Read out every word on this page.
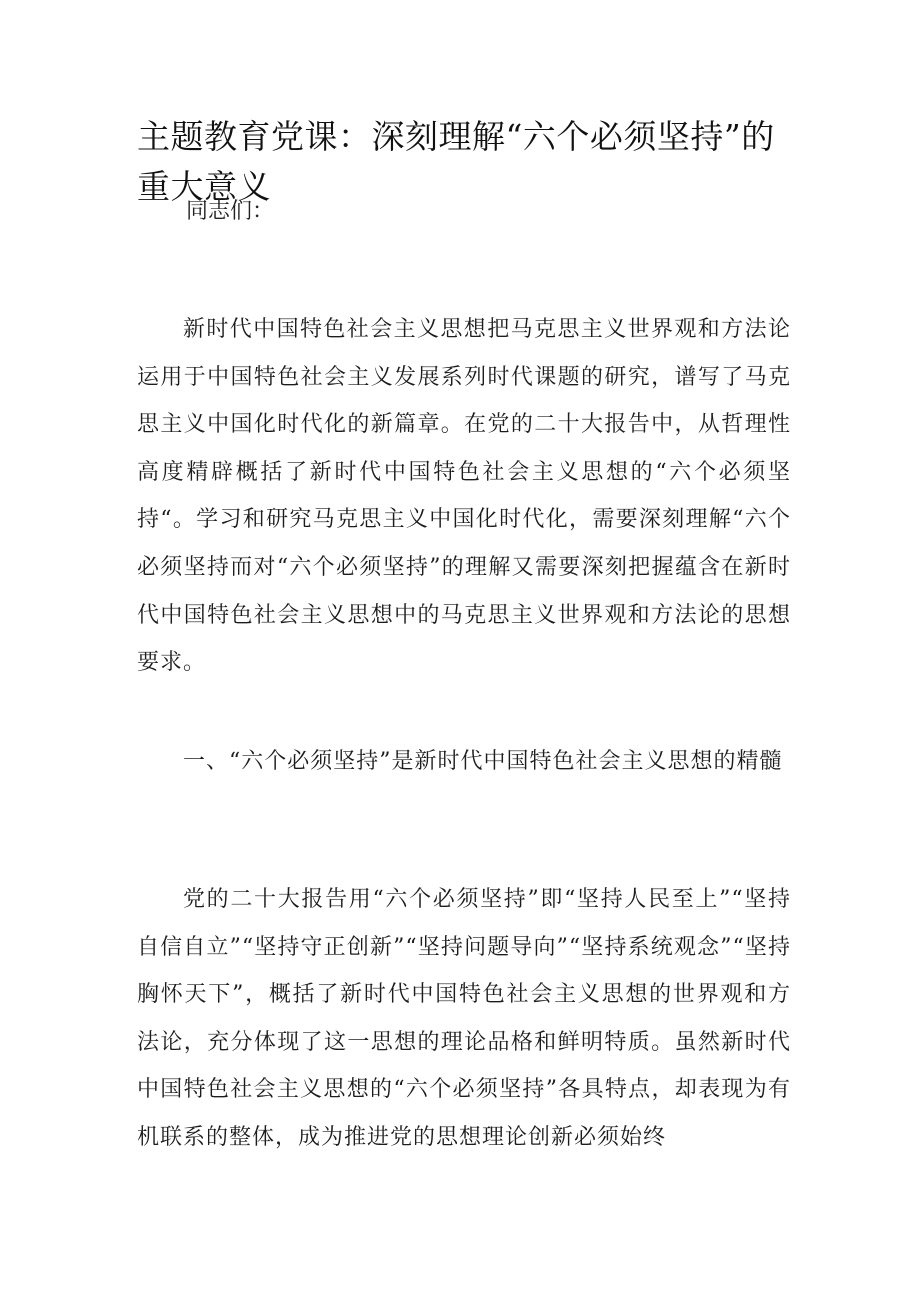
主题教育党课：深刻理解“六个必须坚持”的重大意义

同志们：

新时代中国特色社会主义思想把马克思主义世界观和方法论运用于中国特色社会主义发展系列时代课题的研究，谱写了马克思主义中国化时代化的新篇章。在党的二十大报告中，从哲理性高度精辟概括了新时代中国特色社会主义思想的“六个必须坚持“。学习和研究马克思主义中国化时代化，需要深刻理解“六个必须坚持而对“六个必须坚持”的理解又需要深刻把握蕴含在新时代中国特色社会主义思想中的马克思主义世界观和方法论的思想要求。

一、“六个必须坚持”是新时代中国特色社会主义思想的精髓

党的二十大报告用“六个必须坚持”即“坚持人民至上”“坚持自信自立”“坚持守正创新”“坚持问题导向”“坚持系统观念”“坚持胸怀天下”，概括了新时代中国特色社会主义思想的世界观和方法论，充分体现了这一思想的理论品格和鲜明特质。虽然新时代中国特色社会主义思想的“六个必须坚持”各具特点，却表现为有机联系的整体，成为推进党的思想理论创新必须始终
